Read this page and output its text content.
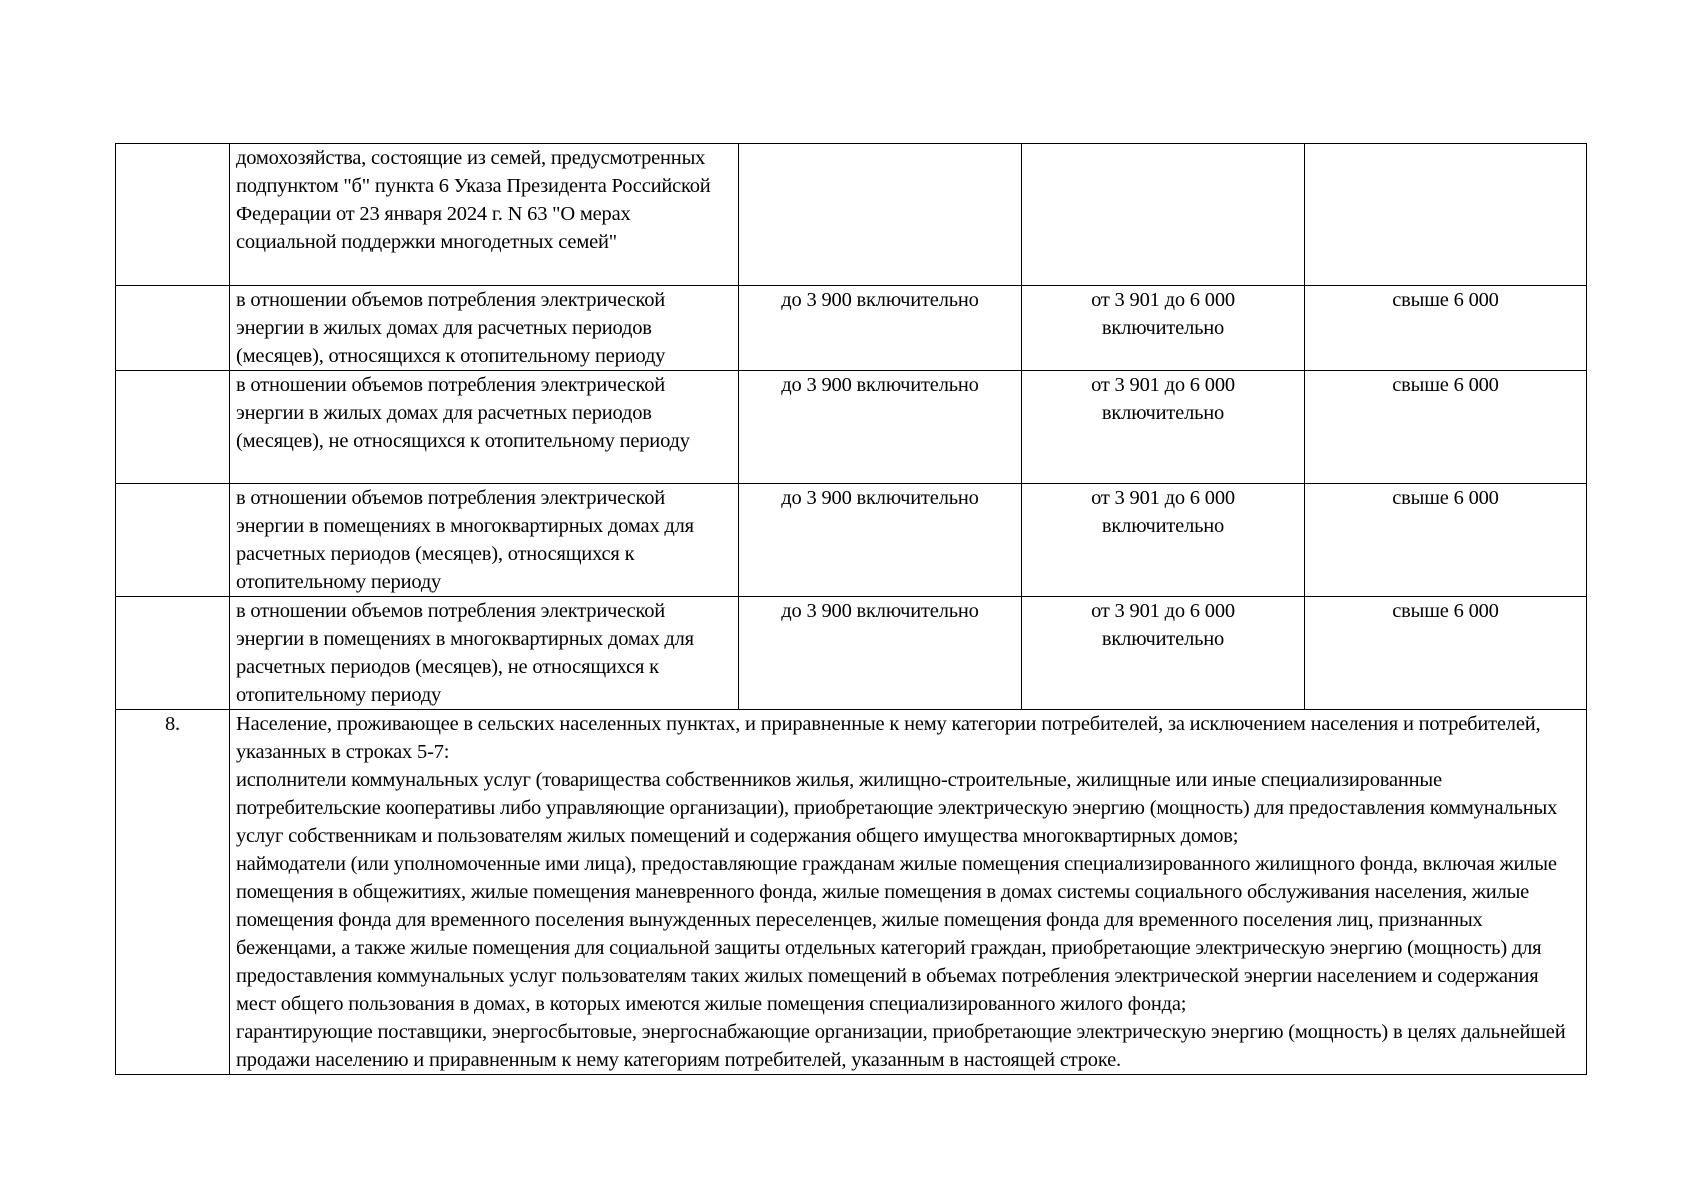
	домохозяйства, состоящие из семей, предусмотренных подпунктом "б" пункта 6 Указа Президента Российской Федерации от 23 января 2024 г. N 63 "О мерах социальной поддержки многодетных семей"			
	в отношении объемов потребления электрической энергии в жилых домах для расчетных периодов (месяцев), относящихся к отопительному периоду	до 3 900 включительно	от 3 901 до 6 000 включительно	свыше 6 000
	в отношении объемов потребления электрической энергии в жилых домах для расчетных периодов (месяцев), не относящихся к отопительному периоду	до 3 900 включительно	от 3 901 до 6 000 включительно	свыше 6 000
	в отношении объемов потребления электрической энергии в помещениях в многоквартирных домах для расчетных периодов (месяцев), относящихся к отопительному периоду	до 3 900 включительно	от 3 901 до 6 000 включительно	свыше 6 000
	в отношении объемов потребления электрической энергии в помещениях в многоквартирных домах для расчетных периодов (месяцев), не относящихся к отопительному периоду	до 3 900 включительно	от 3 901 до 6 000 включительно	свыше 6 000
8.	Население, проживающее в сельских населенных пунктах, и приравненные к нему категории потребителей, за исключением населения и потребителей, указанных в строках 5-7:
исполнители коммунальных услуг (товарищества собственников жилья, жилищно-строительные, жилищные или иные специализированные потребительские кооперативы либо управляющие организации), приобретающие электрическую энергию (мощность) для предоставления коммунальных услуг собственникам и пользователям жилых помещений и содержания общего имущества многоквартирных домов;
наймодатели (или уполномоченные ими лица), предоставляющие гражданам жилые помещения специализированного жилищного фонда, включая жилые помещения в общежитиях, жилые помещения маневренного фонда, жилые помещения в домах системы социального обслуживания населения, жилые помещения фонда для временного поселения вынужденных переселенцев, жилые помещения фонда для временного поселения лиц, признанных беженцами, а также жилые помещения для социальной защиты отдельных категорий граждан, приобретающие электрическую энергию (мощность) для предоставления коммунальных услуг пользователям таких жилых помещений в объемах потребления электрической энергии населением и содержания мест общего пользования в домах, в которых имеются жилые помещения специализированного жилого фонда;
гарантирующие поставщики, энергосбытовые, энергоснабжающие организации, приобретающие электрическую энергию (мощность) в целях дальнейшей продажи населению и приравненным к нему категориям потребителей, указанным в настоящей строке.			
